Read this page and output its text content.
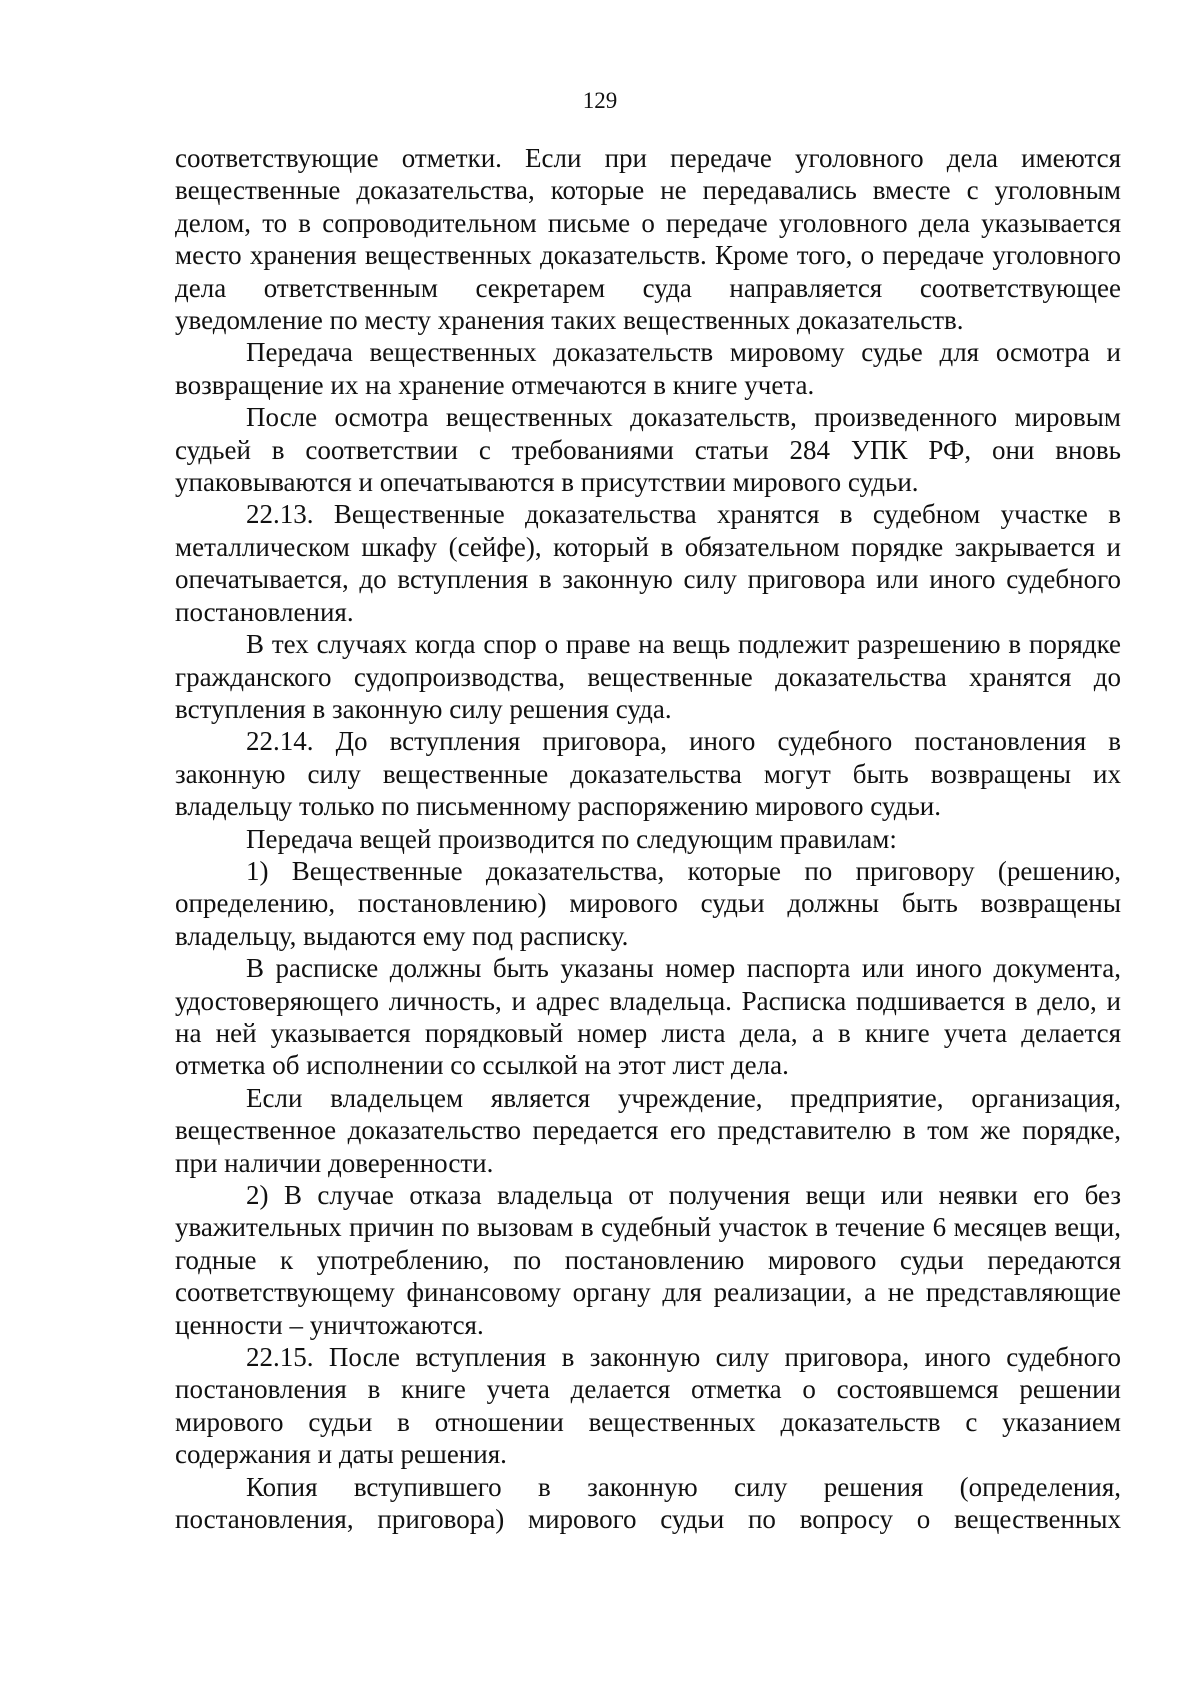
129

соответствующие отметки. Если при передаче уголовного дела имеются вещественные доказательства, которые не передавались вместе с уголовным делом, то в сопроводительном письме о передаче уголовного дела указывается место хранения вещественных доказательств. Кроме того, о передаче уголовного дела ответственным секретарем суда направляется соответствующее уведомление по месту хранения таких вещественных доказательств.

Передача вещественных доказательств мировому судье для осмотра и возвращение их на хранение отмечаются в книге учета.

После осмотра вещественных доказательств, произведенного мировым судьей в соответствии с требованиями статьи 284 УПК РФ, они вновь упаковываются и опечатываются в присутствии мирового судьи.

22.13. Вещественные доказательства хранятся в судебном участке в металлическом шкафу (сейфе), который в обязательном порядке закрывается и опечатывается, до вступления в законную силу приговора или иного судебного постановления.

В тех случаях когда спор о праве на вещь подлежит разрешению в порядке гражданского судопроизводства, вещественные доказательства хранятся до вступления в законную силу решения суда.

22.14. До вступления приговора, иного судебного постановления в законную силу вещественные доказательства могут быть возвращены их владельцу только по письменному распоряжению мирового судьи.

Передача вещей производится по следующим правилам:

1) Вещественные доказательства, которые по приговору (решению, определению, постановлению) мирового судьи должны быть возвращены владельцу, выдаются ему под расписку.

В расписке должны быть указаны номер паспорта или иного документа, удостоверяющего личность, и адрес владельца. Расписка подшивается в дело, и на ней указывается порядковый номер листа дела, а в книге учета делается отметка об исполнении со ссылкой на этот лист дела.

Если владельцем является учреждение, предприятие, организация, вещественное доказательство передается его представителю в том же порядке, при наличии доверенности.

2) В случае отказа владельца от получения вещи или неявки его без уважительных причин по вызовам в судебный участок в течение 6 месяцев вещи, годные к употреблению, по постановлению мирового судьи передаются соответствующему финансовому органу для реализации, а не представляющие ценности – уничтожаются.

22.15. После вступления в законную силу приговора, иного судебного постановления в книге учета делается отметка о состоявшемся решении мирового судьи в отношении вещественных доказательств с указанием содержания и даты решения.

Копия вступившего в законную силу решения (определения, постановления, приговора) мирового судьи по вопросу о вещественных
